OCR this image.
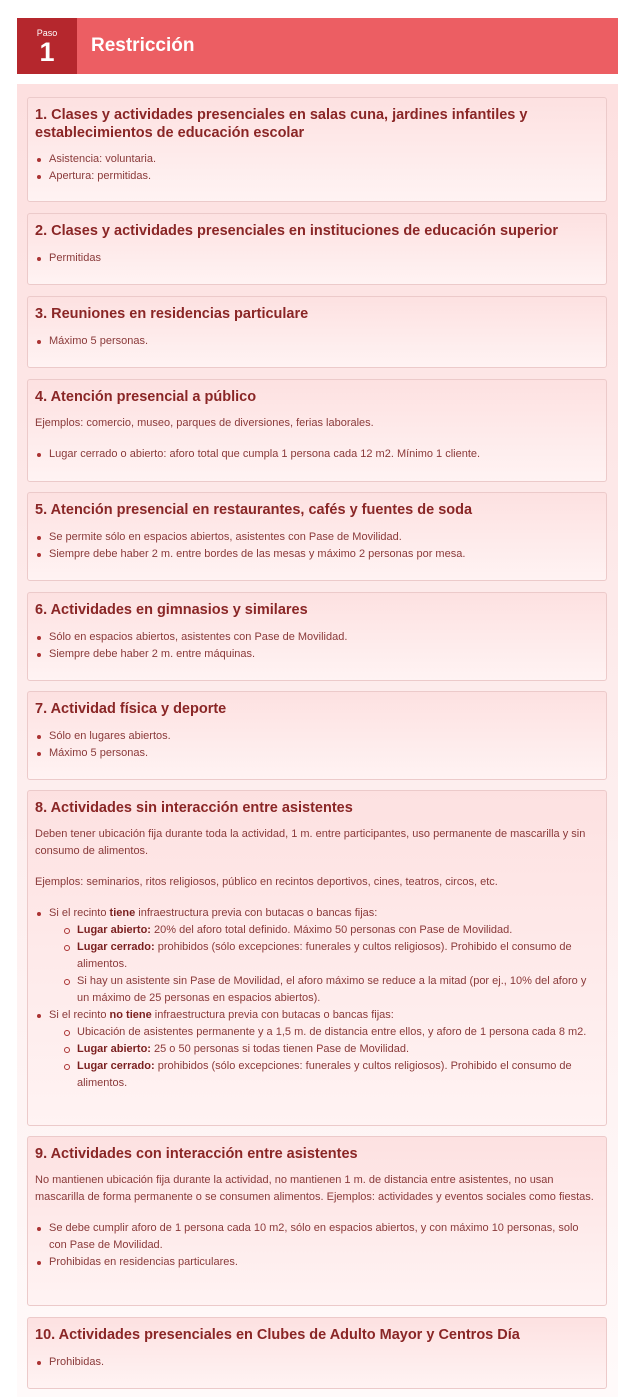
Paso
1	Restricción
1. Clases y actividades presenciales en salas cuna, jardines infantiles y establecimientos de educación escolar
Asistencia: voluntaria.
Apertura: permitidas.
2. Clases y actividades presenciales en instituciones de educación superior
Permitidas
3. Reuniones en residencias particulare
Máximo 5 personas.
4. Atención presencial a público

Ejemplos: comercio, museo, parques de diversiones, ferias laborales.

Lugar cerrado o abierto: aforo total que cumpla 1 persona cada 12 m2. Mínimo 1 cliente.
5. Atención presencial en restaurantes, cafés y fuentes de soda
Se permite sólo en espacios abiertos, asistentes con Pase de Movilidad.
Siempre debe haber 2 m. entre bordes de las mesas y máximo 2 personas por mesa.
6. Actividades en gimnasios y similares
Sólo en espacios abiertos, asistentes con Pase de Movilidad.
Siempre debe haber 2 m. entre máquinas.
7. Actividad física y deporte
Sólo en lugares abiertos.
Máximo 5 personas.
8. Actividades sin interacción entre asistentes

Deben tener ubicación fija durante toda la actividad, 1 m. entre participantes, uso permanente de mascarilla y sin consumo de alimentos.

Ejemplos: seminarios, ritos religiosos, público en recintos deportivos, cines, teatros, circos, etc.

Si el recinto tiene infraestructura previa con butacas o bancas fijas:
Lugar abierto: 20% del aforo total definido. Máximo 50 personas con Pase de Movilidad.
Lugar cerrado: prohibidos (sólo excepciones: funerales y cultos religiosos). Prohibido el consumo de alimentos.
Si hay un asistente sin Pase de Movilidad, el aforo máximo se reduce a la mitad (por ej., 10% del aforo y un máximo de 25 personas en espacios abiertos).
Si el recinto no tiene infraestructura previa con butacas o bancas fijas:
Ubicación de asistentes permanente y a 1,5 m. de distancia entre ellos, y aforo de 1 persona cada 8 m2.
Lugar abierto: 25 o 50 personas si todas tienen Pase de Movilidad.
Lugar cerrado: prohibidos (sólo excepciones: funerales y cultos religiosos). Prohibido el consumo de alimentos.
9. Actividades con interacción entre asistentes

No mantienen ubicación fija durante la actividad, no mantienen 1 m. de distancia entre asistentes, no usan mascarilla de forma permanente o se consumen alimentos. Ejemplos: actividades y eventos sociales como fiestas.

Se debe cumplir aforo de 1 persona cada 10 m2, sólo en espacios abiertos, y con máximo 10 personas, solo con Pase de Movilidad.
Prohibidas en residencias particulares.
10. Actividades presenciales en Clubes de Adulto Mayor y Centros Día
Prohibidas.
